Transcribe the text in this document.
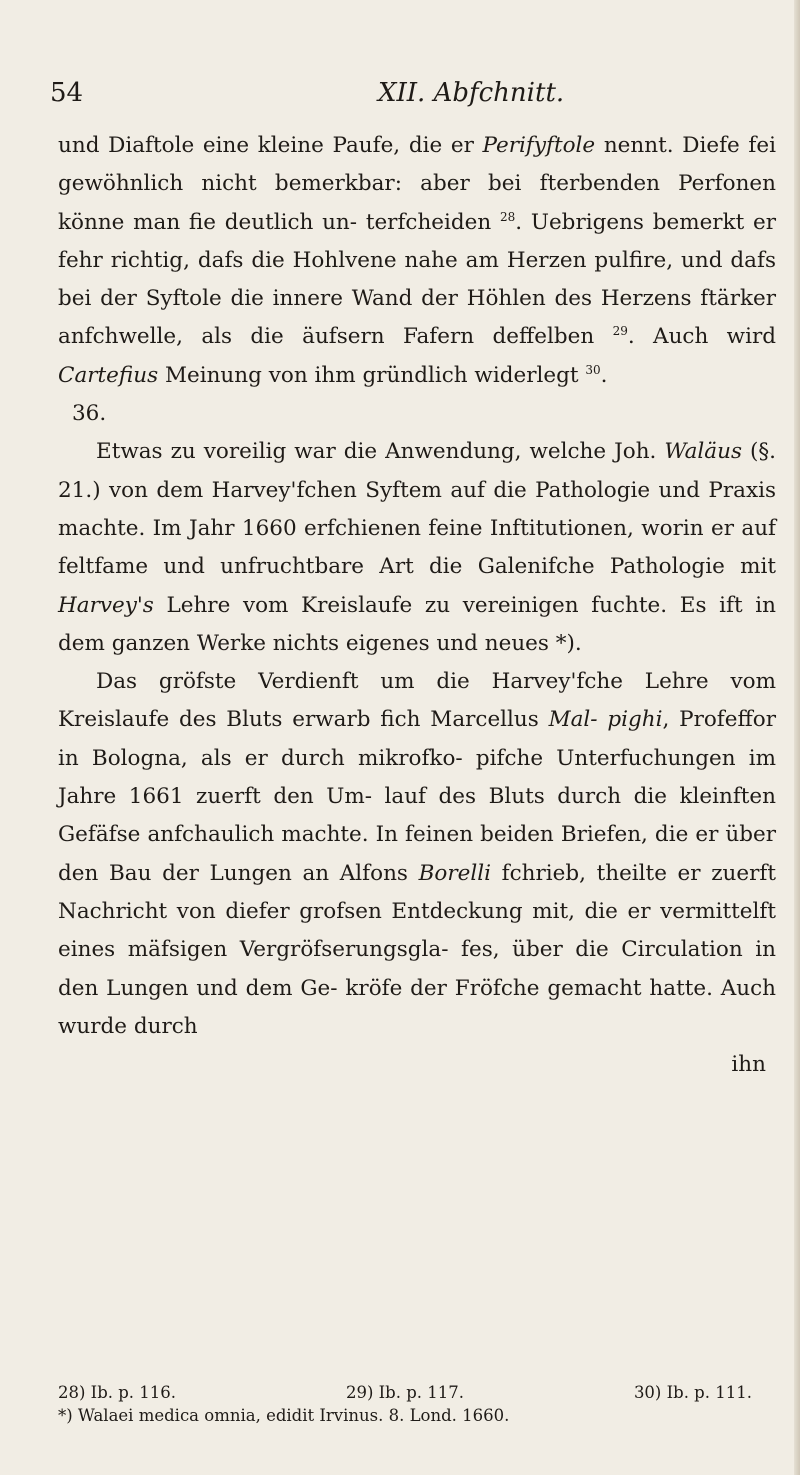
54	XII. Abfchnitt.

und Diaftole eine kleine Paufe, die er Perifyftole nennt. Diefe fei gewöhnlich nicht bemerkbar: aber bei fterbenden Perfonen könne man fie deutlich un- terfcheiden $^{28}$. Uebrigens bemerkt er fehr richtig, dafs die Hohlvene nahe am Herzen pulfire, und dafs bei der Syftole die innere Wand der Höhlen des Herzens ftärker anfchwelle, als die äufsern Fafern deffelben $^{29}$. Auch wird Cartefius Meinung von ihm gründlich widerlegt $^{30}$.

36.

Etwas zu voreilig war die Anwendung, welche Joh. Waläus (§. 21.) von dem Harvey'fchen Syftem auf die Pathologie und Praxis machte. Im Jahr 1660 erfchienen feine Inftitutionen, worin er auf feltfame und unfruchtbare Art die Galenifche Pathologie mit Harvey's Lehre vom Kreislaufe zu vereinigen fuchte. Es ift in dem ganzen Werke nichts eigenes und neues *).

Das gröfste Verdienft um die Harvey'fche Lehre vom Kreislaufe des Bluts erwarb fich Marcellus Mal- pighi, Profeffor in Bologna, als er durch mikrofko- pifche Unterfuchungen im Jahre 1661 zuerft den Um- lauf des Bluts durch die kleinften Gefäfse anfchaulich machte. In feinen beiden Briefen, die er über den Bau der Lungen an Alfons Borelli fchrieb, theilte er zuerft Nachricht von diefer grofsen Entdeckung mit, die er vermittelft eines mäfsigen Vergröfserungsgla- fes, über die Circulation in den Lungen und dem Ge- kröfe der Fröfche gemacht hatte. Auch wurde durch

ihn
28) Ib. p. 116.	29) Ib. p. 117.	30) Ib. p. 111.
*) Walaei medica omnia, edidit Irvinus. 8. Lond. 1660.
